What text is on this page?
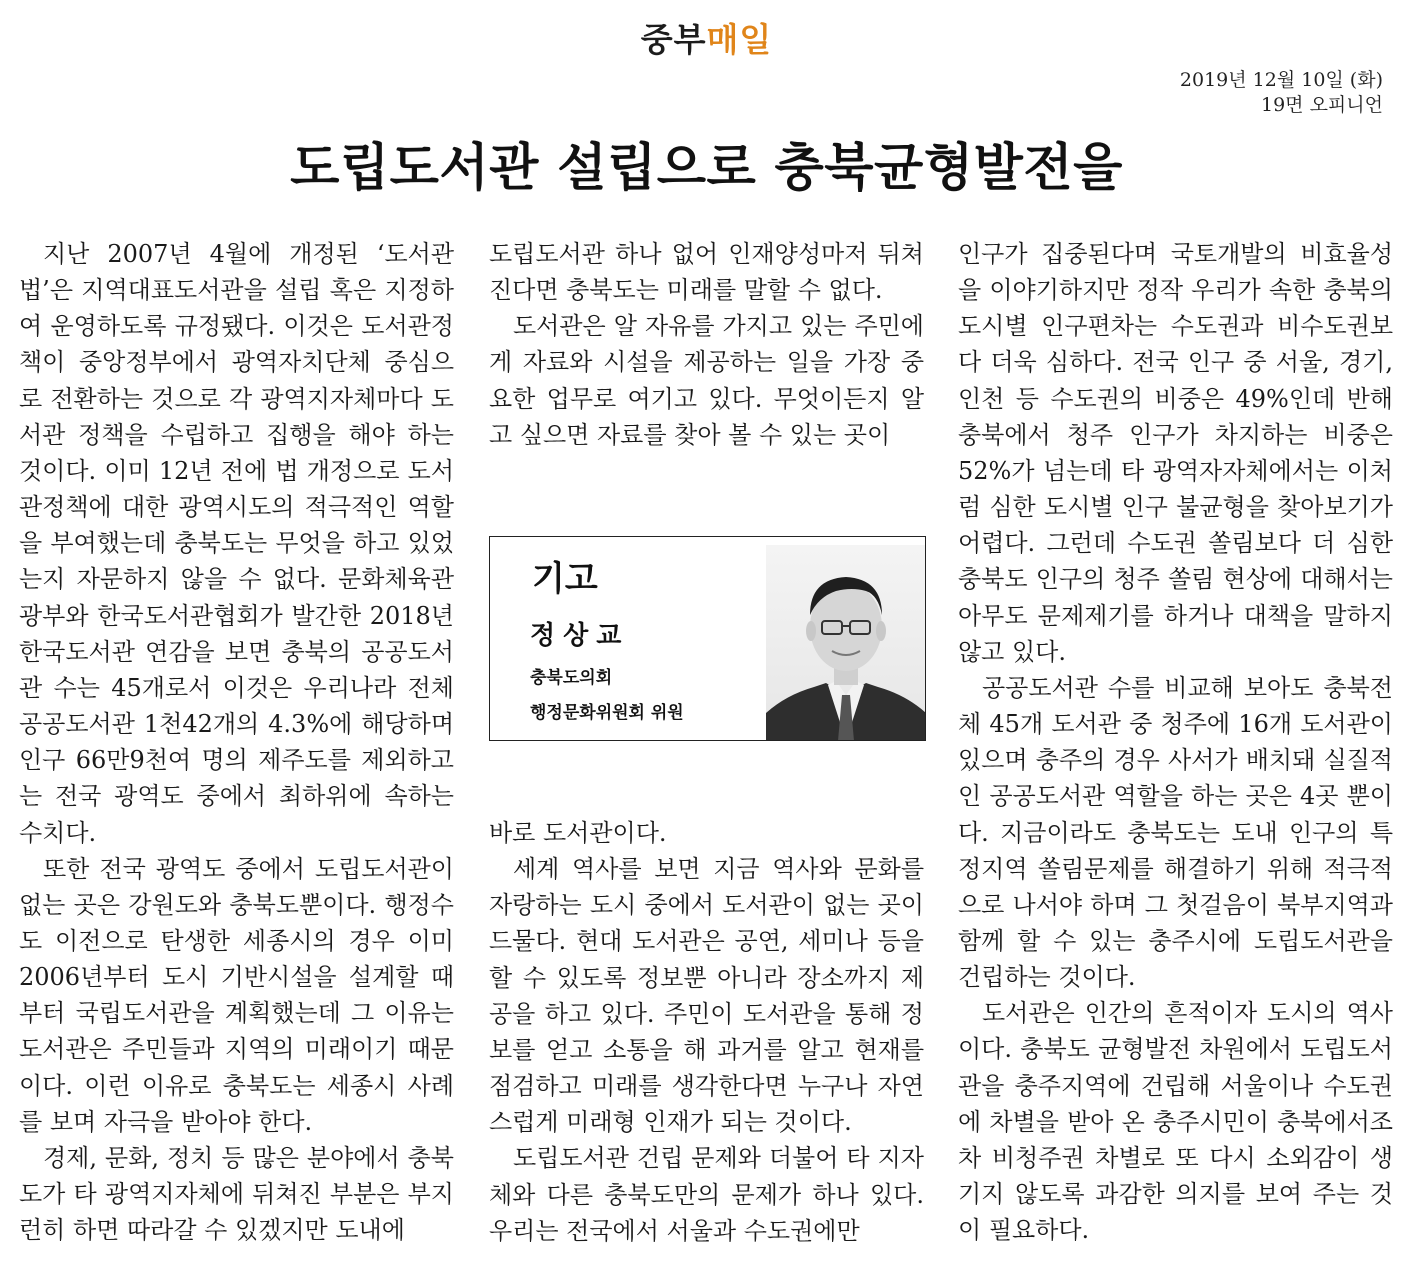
중부매일
2019년 12월 10일 (화)
19면 오피니언
도립도서관 설립으로 충북균형발전을

지난 2007년 4월에 개정된 ‘도서관법’은 지역대표도서관을 설립 혹은 지정하여 운영하도록 규정됐다. 이것은 도서관정책이 중앙정부에서 광역자치단체 중심으로 전환하는 것으로 각 광역지자체마다 도서관 정책을 수립하고 집행을 해야 하는 것이다. 이미 12년 전에 법 개정으로 도서관정책에 대한 광역시도의 적극적인 역할을 부여했는데 충북도는 무엇을 하고 있었는지 자문하지 않을 수 없다. 문화체육관광부와 한국도서관협회가 발간한 2018년 한국도서관 연감을 보면 충북의 공공도서관 수는 45개로서 이것은 우리나라 전체 공공도서관 1천42개의 4.3%에 해당하며 인구 66만9천여 명의 제주도를 제외하고는 전국 광역도 중에서 최하위에 속하는 수치다.

또한 전국 광역도 중에서 도립도서관이 없는 곳은 강원도와 충북도뿐이다. 행정수도 이전으로 탄생한 세종시의 경우 이미 2006년부터 도시 기반시설을 설계할 때부터 국립도서관을 계획했는데 그 이유는 도서관은 주민들과 지역의 미래이기 때문이다. 이런 이유로 충북도는 세종시 사례를 보며 자극을 받아야 한다.

경제, 문화, 정치 등 많은 분야에서 충북도가 타 광역지자체에 뒤쳐진 부분은 부지런히 하면 따라갈 수 있겠지만 도내에

도립도서관 하나 없어 인재양성마저 뒤쳐진다면 충북도는 미래를 말할 수 없다.

도서관은 알 자유를 가지고 있는 주민에게 자료와 시설을 제공하는 일을 가장 중요한 업무로 여기고 있다. 무엇이든지 알고 싶으면 자료를 찾아 볼 수 있는 곳이

기고
정상교
충북도의회
행정문화위원회 위원

바로 도서관이다.

세계 역사를 보면 지금 역사와 문화를 자랑하는 도시 중에서 도서관이 없는 곳이 드물다. 현대 도서관은 공연, 세미나 등을 할 수 있도록 정보뿐 아니라 장소까지 제공을 하고 있다. 주민이 도서관을 통해 정보를 얻고 소통을 해 과거를 알고 현재를 점검하고 미래를 생각한다면 누구나 자연스럽게 미래형 인재가 되는 것이다.

도립도서관 건립 문제와 더불어 타 지자체와 다른 충북도만의 문제가 하나 있다. 우리는 전국에서 서울과 수도권에만

인구가 집중된다며 국토개발의 비효율성을 이야기하지만 정작 우리가 속한 충북의 도시별 인구편차는 수도권과 비수도권보다 더욱 심하다. 전국 인구 중 서울, 경기, 인천 등 수도권의 비중은 49%인데 반해 충북에서 청주 인구가 차지하는 비중은 52%가 넘는데 타 광역자자체에서는 이처럼 심한 도시별 인구 불균형을 찾아보기가 어렵다. 그런데 수도권 쏠림보다 더 심한 충북도 인구의 청주 쏠림 현상에 대해서는 아무도 문제제기를 하거나 대책을 말하지 않고 있다.

공공도서관 수를 비교해 보아도 충북전체 45개 도서관 중 청주에 16개 도서관이 있으며 충주의 경우 사서가 배치돼 실질적인 공공도서관 역할을 하는 곳은 4곳 뿐이다. 지금이라도 충북도는 도내 인구의 특정지역 쏠림문제를 해결하기 위해 적극적으로 나서야 하며 그 첫걸음이 북부지역과 함께 할 수 있는 충주시에 도립도서관을 건립하는 것이다.

도서관은 인간의 흔적이자 도시의 역사이다. 충북도 균형발전 차원에서 도립도서관을 충주지역에 건립해 서울이나 수도권에 차별을 받아 온 충주시민이 충북에서조차 비청주권 차별로 또 다시 소외감이 생기지 않도록 과감한 의지를 보여 주는 것이 필요하다.
